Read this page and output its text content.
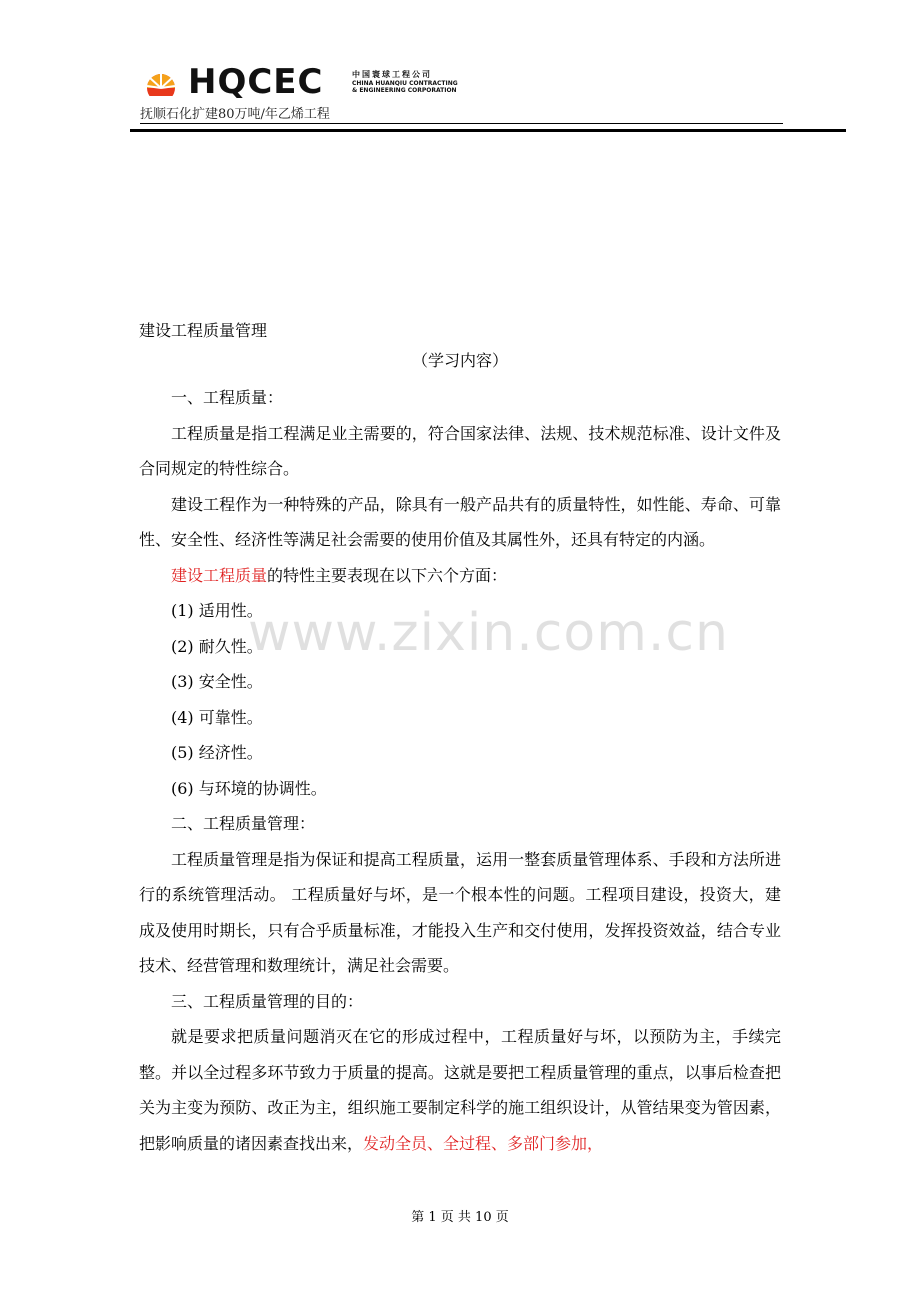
HQCEC	中国寰球工程公司
CHINA HUANQIU CONTRACTING
& ENGINEERING CORPORATION
抚顺石化扩建80万吨/年乙烯工程
建设工程质量管理
（学习内容）

一、工程质量：

工程质量是指工程满足业主需要的，符合国家法律、法规、技术规范标准、设计文件及合同规定的特性综合。

建设工程作为一种特殊的产品，除具有一般产品共有的质量特性，如性能、寿命、可靠性、安全性、经济性等满足社会需要的使用价值及其属性外，还具有特定的内涵。

建设工程质量的特性主要表现在以下六个方面：

(1) 适用性。

(2) 耐久性。

(3) 安全性。

(4) 可靠性。

(5) 经济性。

(6) 与环境的协调性。

二、工程质量管理：

工程质量管理是指为保证和提高工程质量，运用一整套质量管理体系、手段和方法所进行的系统管理活动。 工程质量好与坏，是一个根本性的问题。工程项目建设，投资大，建成及使用时期长，只有合乎质量标准，才能投入生产和交付使用，发挥投资效益，结合专业技术、经营管理和数理统计，满足社会需要。

三、工程质量管理的目的：

就是要求把质量问题消灭在它的形成过程中，工程质量好与坏，以预防为主，手续完整。并以全过程多环节致力于质量的提高。这就是要把工程质量管理的重点，以事后检查把关为主变为预防、改正为主，组织施工要制定科学的施工组织设计，从管结果变为管因素，把影响质量的诸因素查找出来，发动全员、全过程、多部门参加，

www.zixin.com.cn
第 1 页 共 10 页
